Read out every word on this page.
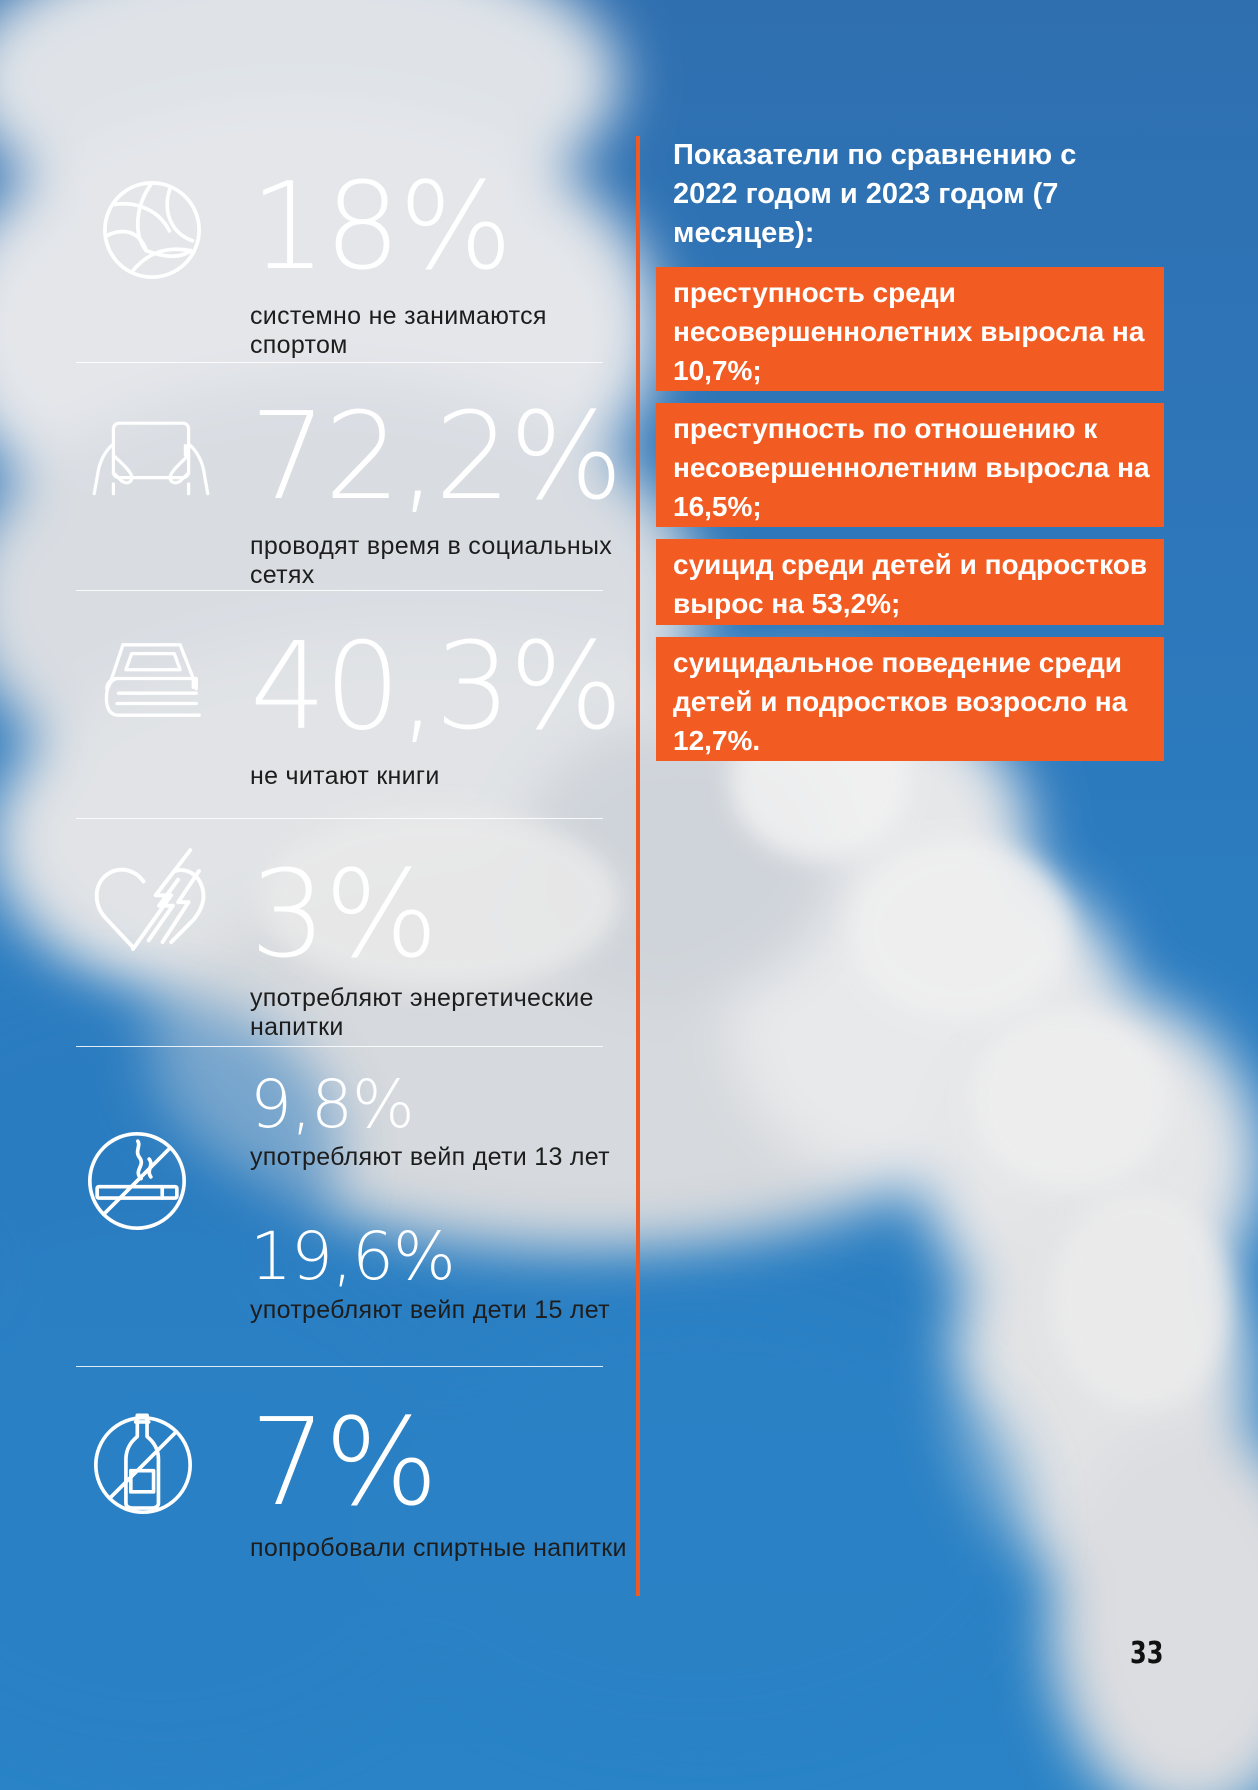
18%
системно не занимаются спортом
72,2%
проводят время в социальных сетях
40,3%
не читают книги
3%
употребляют энергетические напитки
9,8%
употребляют вейп дети 13 лет
19,6%
употребляют вейп дети 15 лет
7%
попробовали спиртные напитки
Показатели по сравнению с 2022 годом и 2023 годом (7 месяцев):
преступность среди несовершеннолетних выросла на 10,7%;
преступность по отношению к несовершеннолетним выросла на 16,5%;
суицид среди детей и подростков вырос на 53,2%;
суицидальное поведение среди детей и подростков возросло на 12,7%.
33
